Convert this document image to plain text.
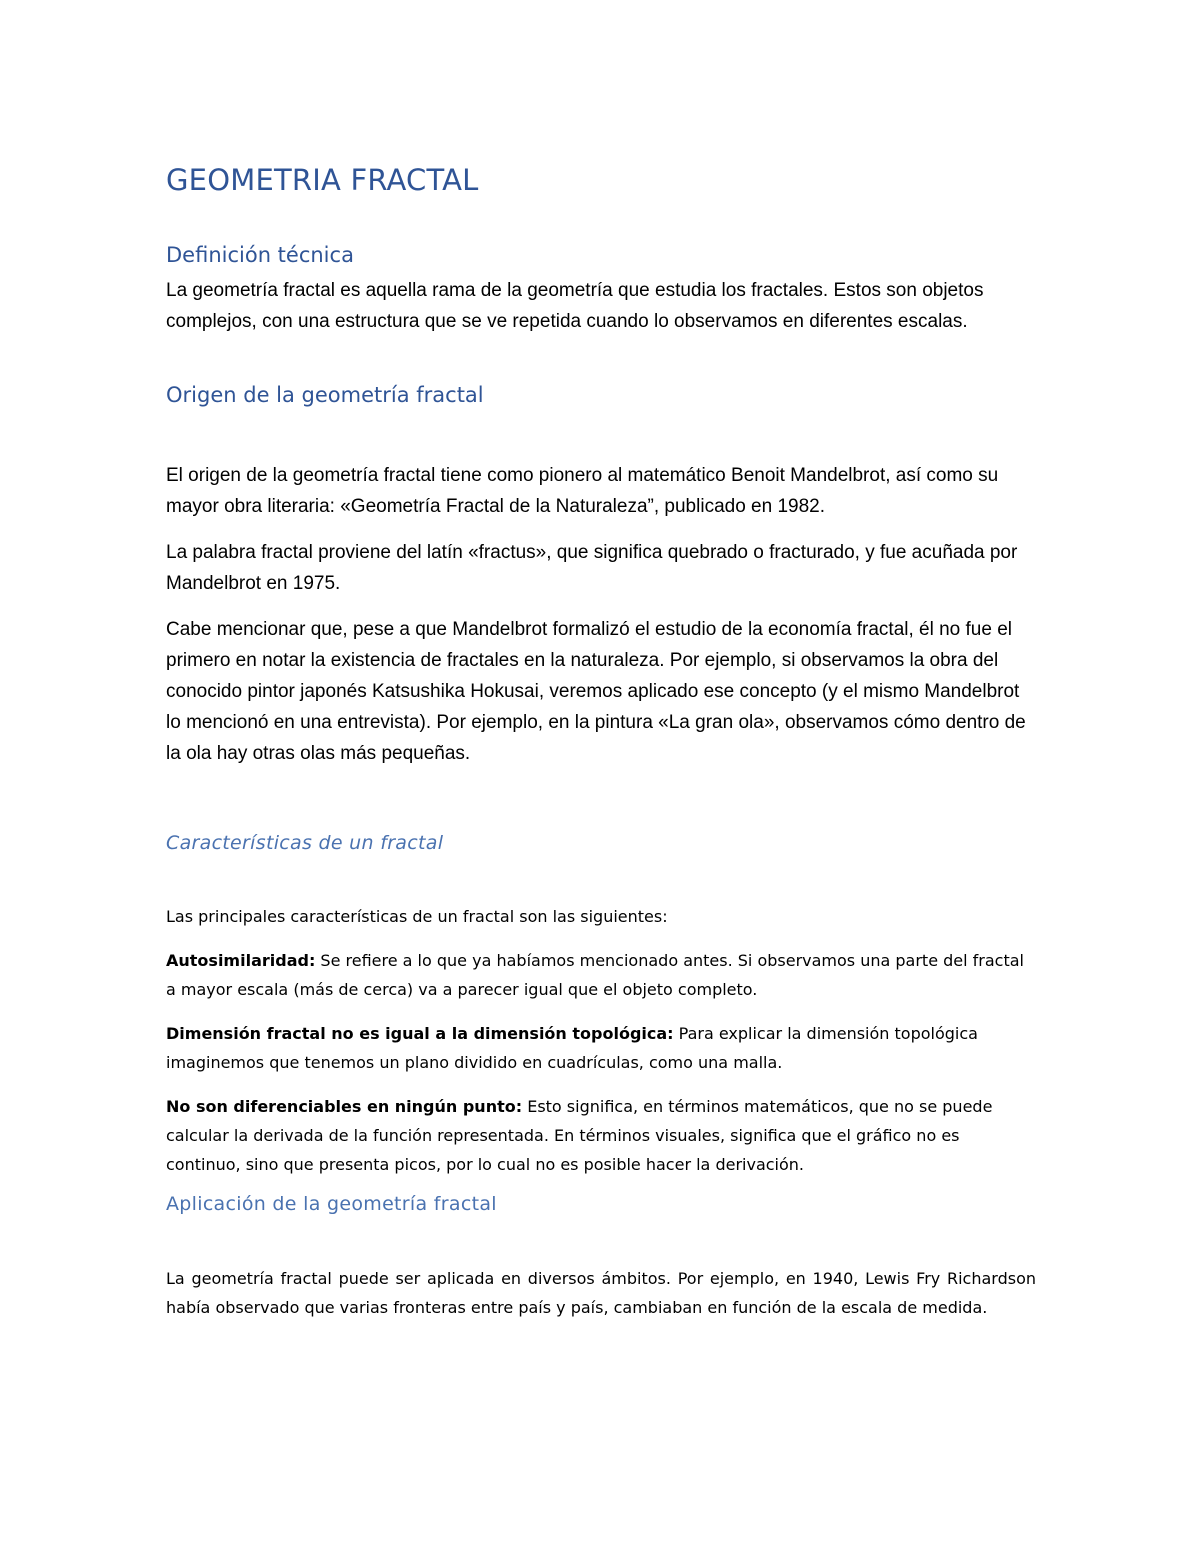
GEOMETRIA FRACTAL
Definición técnica

La geometría fractal es aquella rama de la geometría que estudia los fractales. Estos son objetos complejos, con una estructura que se ve repetida cuando lo observamos en diferentes escalas.

Origen de la geometría fractal

El origen de la geometría fractal tiene como pionero al matemático Benoit Mandelbrot, así como su mayor obra literaria: «Geometría Fractal de la Naturaleza”, publicado en 1982.

La palabra fractal proviene del latín «fractus», que significa quebrado o fracturado, y fue acuñada por Mandelbrot en 1975.

Cabe mencionar que, pese a que Mandelbrot formalizó el estudio de la economía fractal, él no fue el primero en notar la existencia de fractales en la naturaleza. Por ejemplo, si observamos la obra del conocido pintor japonés Katsushika Hokusai, veremos aplicado ese concepto (y el mismo Mandelbrot lo mencionó en una entrevista). Por ejemplo, en la pintura «La gran ola», observamos cómo dentro de la ola hay otras olas más pequeñas.

Características de un fractal

Las principales características de un fractal son las siguientes:

Autosimilaridad: Se refiere a lo que ya habíamos mencionado antes. Si observamos una parte del fractal a mayor escala (más de cerca) va a parecer igual que el objeto completo.

Dimensión fractal no es igual a la dimensión topológica: Para explicar la dimensión topológica imaginemos que tenemos un plano dividido en cuadrículas, como una malla.

No son diferenciables en ningún punto: Esto significa, en términos matemáticos, que no se puede calcular la derivada de la función representada. En términos visuales, significa que el gráfico no es continuo, sino que presenta picos, por lo cual no es posible hacer la derivación.

Aplicación de la geometría fractal

La geometría fractal puede ser aplicada en diversos ámbitos. Por ejemplo, en 1940, Lewis Fry Richardson había observado que varias fronteras entre país y país, cambiaban en función de la escala de medida.
